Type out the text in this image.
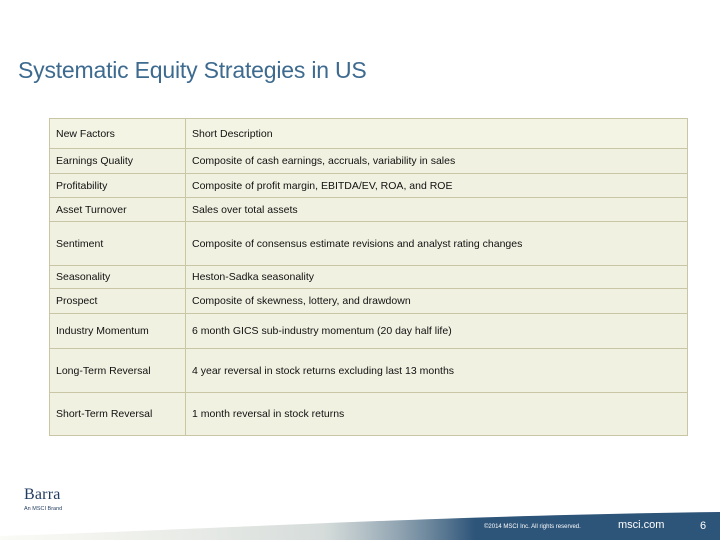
Systematic Equity Strategies in US
New Factors	Short Description
Earnings Quality	Composite of cash earnings, accruals, variability in sales
Profitability	Composite of profit margin, EBITDA/EV, ROA, and ROE
Asset Turnover	Sales over total assets
Sentiment	Composite of consensus estimate revisions and analyst rating changes
Seasonality	Heston-Sadka seasonality
Prospect	Composite of skewness, lottery, and drawdown
Industry Momentum	6 month GICS sub-industry momentum (20 day half life)
Long-Term Reversal	4 year reversal in stock returns excluding last 13 months
Short-Term Reversal	1 month reversal in stock returns
Barra
An MSCI Brand
©2014 MSCI Inc. All rights reserved.	msci.com	6
